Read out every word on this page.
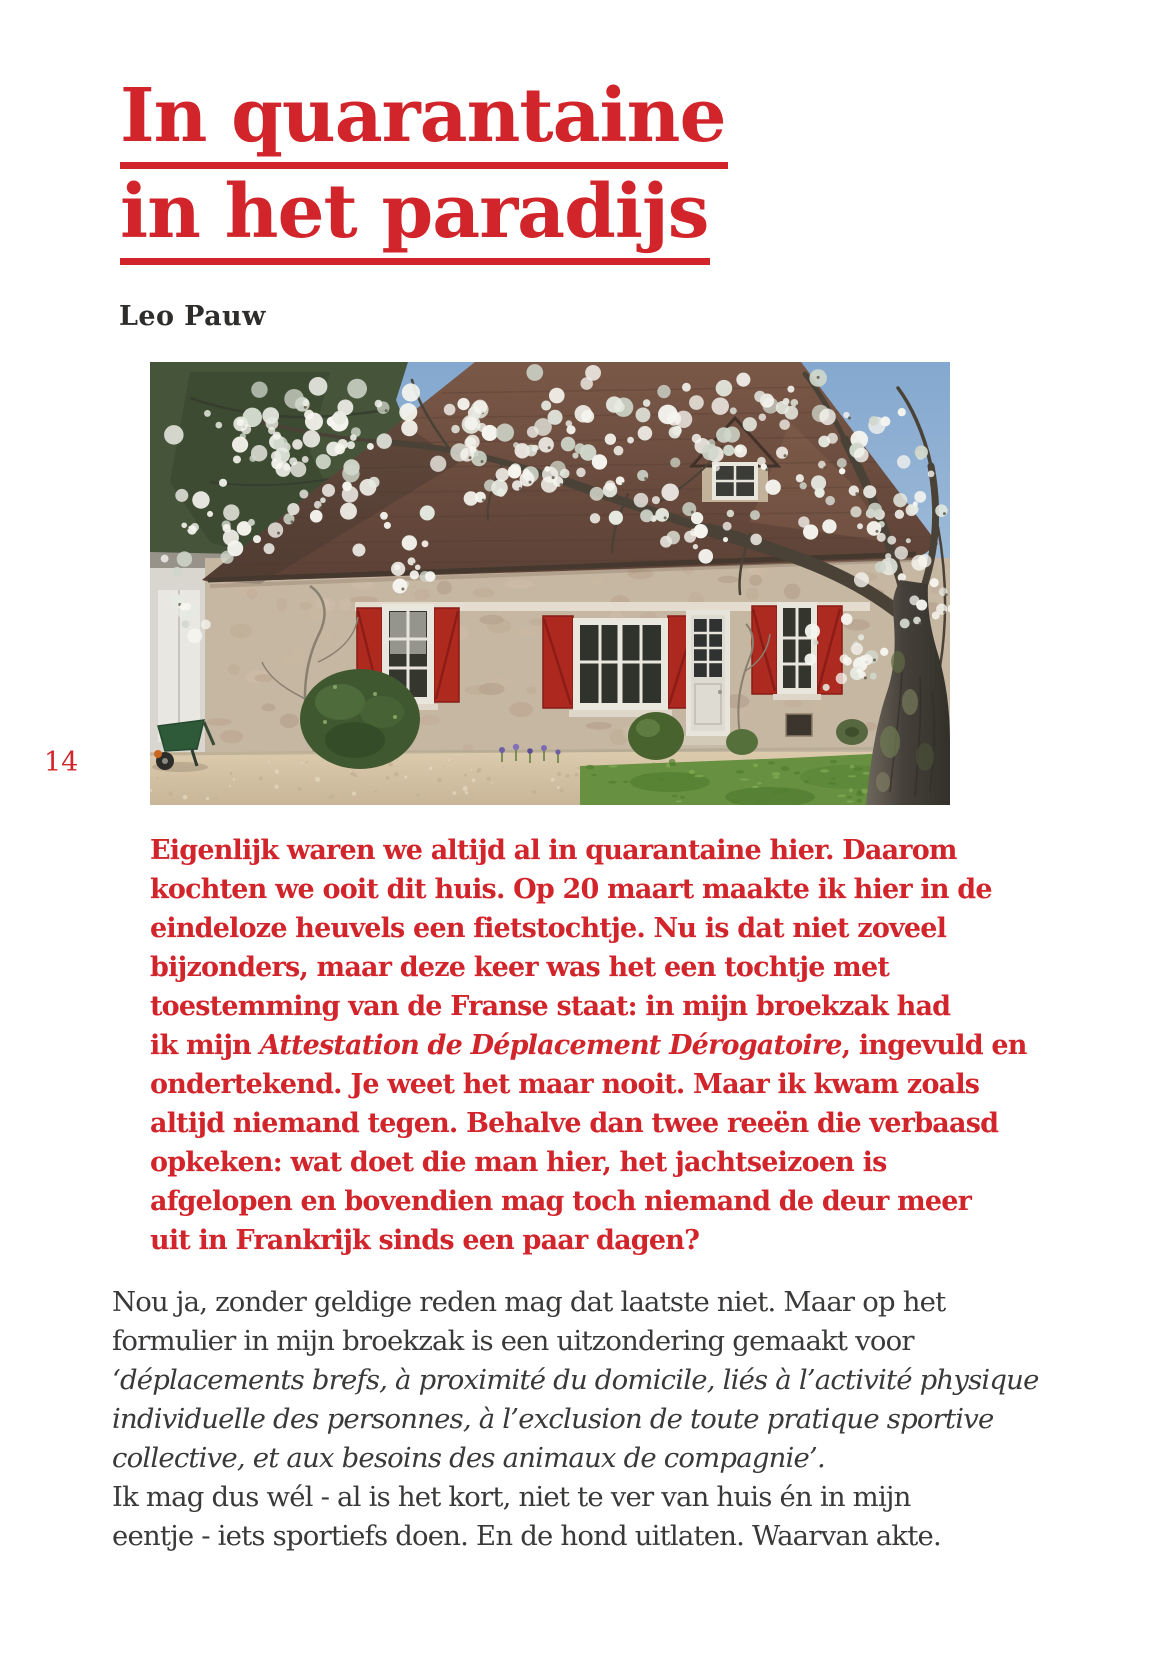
In quarantaine
in het paradijs
Leo Pauw
14
Eigenlijk waren we altijd al in quarantaine hier. Daarom
kochten we ooit dit huis. Op 20 maart maakte ik hier in de
eindeloze heuvels een fietstochtje. Nu is dat niet zoveel
bijzonders, maar deze keer was het een tochtje met
toestemming van de Franse staat: in mijn broekzak had
ik mijn Attestation de Déplacement Dérogatoire, ingevuld en
ondertekend. Je weet het maar nooit. Maar ik kwam zoals
altijd niemand tegen. Behalve dan twee reeën die verbaasd
opkeken: wat doet die man hier, het jachtseizoen is
afgelopen en bovendien mag toch niemand de deur meer
uit in Frankrijk sinds een paar dagen?
Nou ja, zonder geldige reden mag dat laatste niet. Maar op het
formulier in mijn broekzak is een uitzondering gemaakt voor
‘déplacements brefs, à proximité du domicile, liés à l’activité physique
individuelle des personnes, à l’exclusion de toute pratique sportive
collective, et aux besoins des animaux de compagnie’.
Ik mag dus wél - al is het kort, niet te ver van huis én in mijn
eentje - iets sportiefs doen. En de hond uitlaten. Waarvan akte.
